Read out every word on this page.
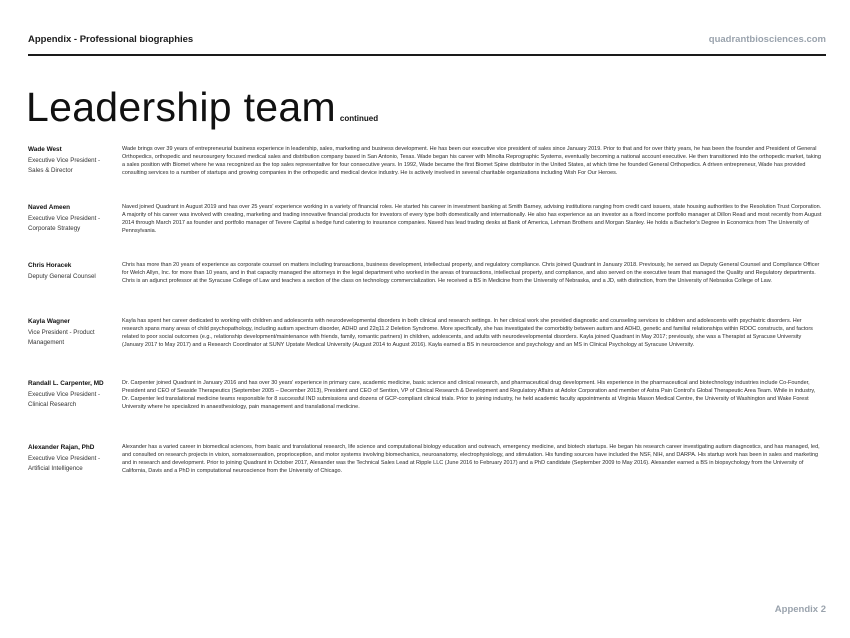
Appendix - Professional biographies	quadrantbiosciences.com
Leadership team continued
Wade West
Executive Vice President - Sales & Director
Wade brings over 39 years of entrepreneurial business experience in leadership, sales, marketing and business development. He has been our executive vice president of sales since January 2019. Prior to that and for over thirty years, he has been the founder and President of General Orthopedics, orthopedic and neurosurgery focused medical sales and distribution company based in San Antonio, Texas. Wade began his career with Minolta Reprographic Systems, eventually becoming a national account executive. He then transitioned into the orthopedic market, taking a sales position with Biomet where he was recognized as the top sales representative for four consecutive years. In 1992, Wade became the first Biomet Spine distributor in the United States, at which time he founded General Orthopedics. A driven entrepreneur, Wade has provided consulting services to a number of startups and growing companies in the orthopedic and medical device industry. He is actively involved in several charitable organizations including Wish For Our Heroes.
Naved Ameen
Executive Vice President - Corporate Strategy
Naved joined Quadrant in August 2019 and has over 25 years' experience working in a variety of financial roles. He started his career in investment banking at Smith Barney, advising institutions ranging from credit card issuers, state housing authorities to the Resolution Trust Corporation. A majority of his career was involved with creating, marketing and trading innovative financial products for investors of every type both domestically and internationally. He also has experience as an investor as a fixed income portfolio manager at Dillon Read and most recently from August 2014 through March 2017 as founder and portfolio manager of Tevere Capital a hedge fund catering to insurance companies. Naved has lead trading desks at Bank of America, Lehman Brothers and Morgan Stanley. He holds a Bachelor's Degree in Economics from The University of Pennsylvania.
Chris Horacek
Deputy General Counsel
Chris has more than 20 years of experience as corporate counsel on matters including transactions, business development, intellectual property, and regulatory compliance. Chris joined Quadrant in January 2018. Previously, he served as Deputy General Counsel and Compliance Officer for Welch Allyn, Inc. for more than 10 years, and in that capacity managed the attorneys in the legal department who worked in the areas of transactions, intellectual property, and compliance, and also served on the executive team that managed the Quality and Regulatory departments. Chris is an adjunct professor at the Syracuse College of Law and teaches a section of the class on technology commercialization. He received a BS in Medicine from the University of Nebraska, and a JD, with distinction, from the University of Nebraska College of Law.
Kayla Wagner
Vice President - Product Management
Kayla has spent her career dedicated to working with children and adolescents with neurodevelopmental disorders in both clinical and research settings. In her clinical work she provided diagnostic and counseling services to children and adolescents with psychiatric disorders. Her research spans many areas of child psychopathology, including autism spectrum disorder, ADHD and 22q11.2 Deletion Syndrome. More specifically, she has investigated the comorbidity between autism and ADHD, genetic and familial relationships within RDOC constructs, and factors related to poor social outcomes (e.g., relationship development/maintenance with friends, family, romantic partners) in children, adolescents, and adults with neurodevelopmental disorders. Kayla joined Quadrant in May 2017; previously, she was a Therapist at Syracuse University (January 2017 to May 2017) and a Research Coordinator at SUNY Upstate Medical University (August 2014 to August 2016). Kayla earned a BS in neuroscience and psychology and an MS in Clinical Psychology at Syracuse University.
Randall L. Carpenter, MD
Executive Vice President - Clinical Research
Dr. Carpenter joined Quadrant in January 2016 and has over 30 years' experience in primary care, academic medicine, basic science and clinical research, and pharmaceutical drug development. His experience in the pharmaceutical and biotechnology industries include Co-Founder, President and CEO of Seaside Therapeutics (September 2005 – December 2013), President and CEO of Sention, VP of Clinical Research & Development and Regulatory Affairs at Adolor Corporation and member of Astra Pain Control's Global Therapeutic Area Team. While in industry, Dr. Carpenter led translational medicine teams responsible for 8 successful IND submissions and dozens of GCP-compliant clinical trials. Prior to joining industry, he held academic faculty appointments at Virginia Mason Medical Centre, the University of Washington and Wake Forest University where he specialized in anaesthesiology, pain management and translational medicine.
Alexander Rajan, PhD
Executive Vice President - Artificial Intelligence
Alexander has a varied career in biomedical sciences, from basic and translational research, life science and computational biology education and outreach, emergency medicine, and biotech startups. He began his research career investigating autism diagnostics, and has managed, led, and consulted on research projects in vision, somatosensation, proprioception, and motor systems involving biomechanics, neuroanatomy, electrophysiology, and stimulation. His funding sources have included the NSF, NIH, and DARPA. His startup work has been in sales and marketing and in research and development. Prior to joining Quadrant in October 2017, Alexander was the Technical Sales Lead at Ripple LLC (June 2016 to February 2017) and a PhD candidate (September 2009 to May 2016). Alexander earned a BS in biopsychology from the University of California, Davis and a PhD in computational neuroscience from the University of Chicago.
Appendix 2
